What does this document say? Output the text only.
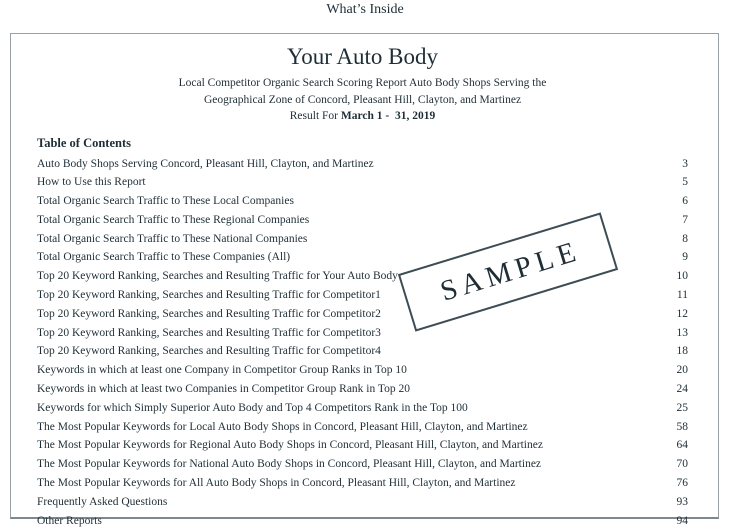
What’s Inside
Your Auto Body
Local Competitor Organic Search Scoring Report Auto Body Shops Serving the
Geographical Zone of Concord, Pleasant Hill, Clayton, and Martinez
Result For March 1 -  31, 2019
Table of Contents
Auto Body Shops Serving Concord, Pleasant Hill, Clayton, and Martinez	3
How to Use this Report	5
Total Organic Search Traffic to These Local Companies	6
Total Organic Search Traffic to These Regional Companies	7
Total Organic Search Traffic to These National Companies	8
Total Organic Search Traffic to These Companies (All)	9
Top 20 Keyword Ranking, Searches and Resulting Traffic for Your Auto Body	10
Top 20 Keyword Ranking, Searches and Resulting Traffic for Competitor1	11
Top 20 Keyword Ranking, Searches and Resulting Traffic for Competitor2	12
Top 20 Keyword Ranking, Searches and Resulting Traffic for Competitor3	13
Top 20 Keyword Ranking, Searches and Resulting Traffic for Competitor4	18
Keywords in which at least one Company in Competitor Group Ranks in Top 10	20
Keywords in which at least two Companies in Competitor Group Rank in Top 20	24
Keywords for which Simply Superior Auto Body and Top 4 Competitors Rank in the Top 100	25
The Most Popular Keywords for Local Auto Body Shops in Concord, Pleasant Hill, Clayton, and Martinez	58
The Most Popular Keywords for Regional Auto Body Shops in Concord, Pleasant Hill, Clayton, and Martinez	64
The Most Popular Keywords for National Auto Body Shops in Concord, Pleasant Hill, Clayton, and Martinez	70
The Most Popular Keywords for All Auto Body Shops in Concord, Pleasant Hill, Clayton, and Martinez	76
Frequently Asked Questions	93
Other Reports	94
SAMPLE
